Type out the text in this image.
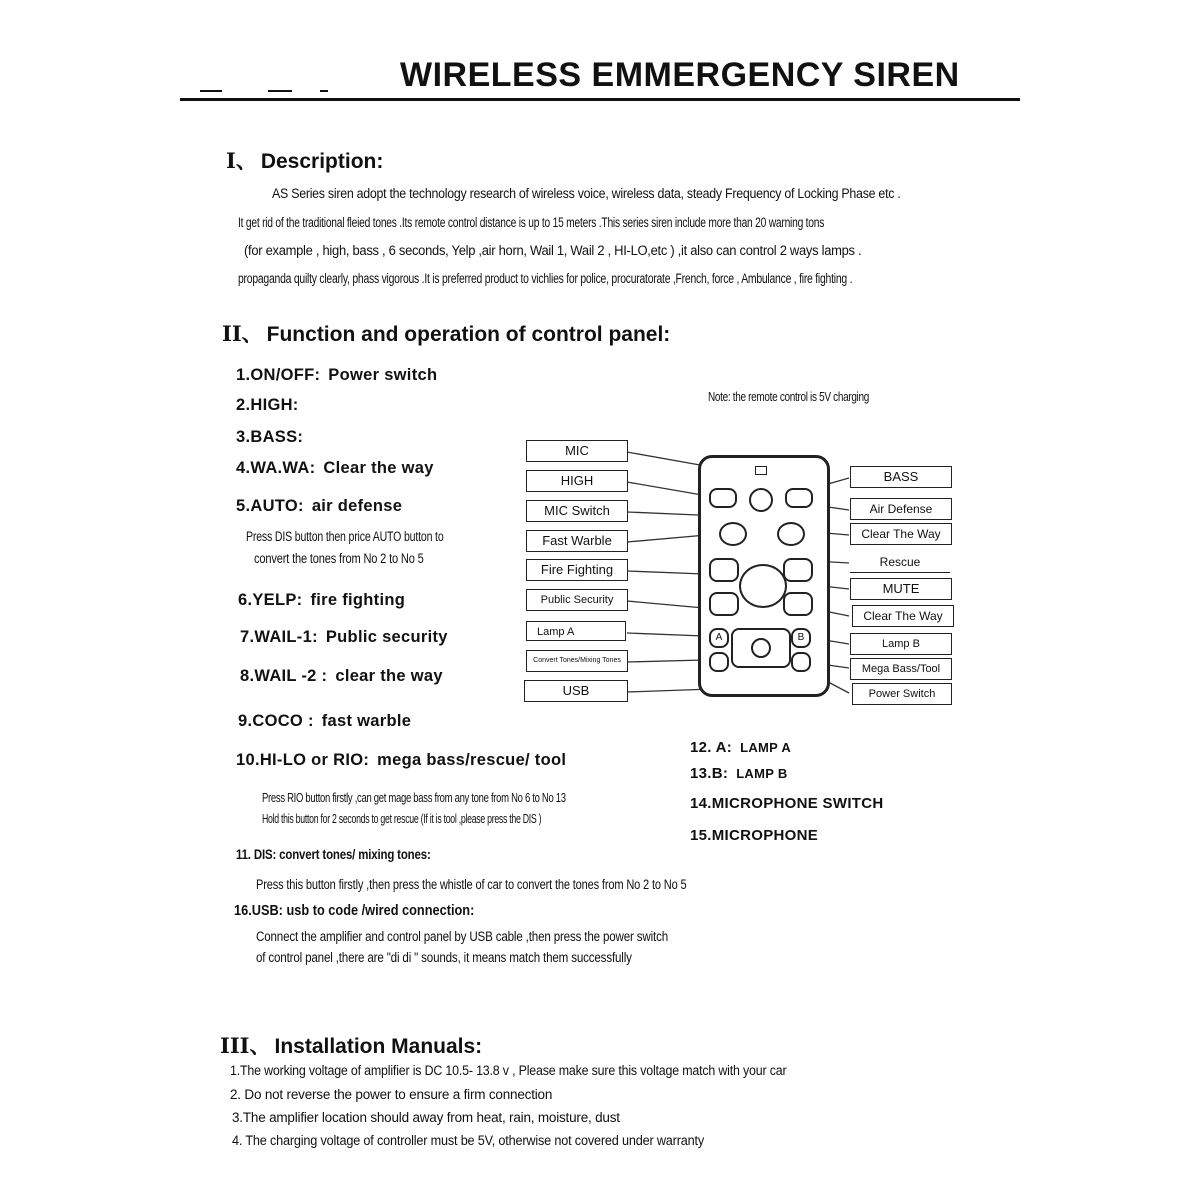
WIRELESS EMMERGENCY SIREN
I、 Description:
AS Series siren adopt the technology research of wireless voice, wireless data, steady Frequency of Locking Phase etc .
It get rid of the traditional fleied tones .Its remote control distance is up to 15 meters .This series siren include more than 20 warning tons
(for example , high, bass , 6 seconds, Yelp ,air horn, Wail 1, Wail 2 , HI-LO,etc ) ,it also can control 2 ways lamps .
propaganda quilty clearly, phass vigorous .It is preferred product to vichlies for police, procuratorate ,French, force , Ambulance , fire fighting .
II、 Function and operation of control panel:
1.ON/OFF: Power switch
2.HIGH:
3.BASS:
4.WA.WA: Clear the way
5.AUTO: air defense
Press DIS button then price AUTO button to
convert the tones from No 2 to No 5
6.YELP: fire fighting
7.WAIL-1: Public security
8.WAIL -2 : clear the way
9.COCO : fast warble
10.HI-LO or RIO: mega bass/rescue/ tool
Press RIO button firstly ,can get mage bass from any tone from No 6 to No 13
Hold this button for 2 seconds to get rescue (If it is tool ,please press the DIS )
12. A: LAMP A
13.B: LAMP B
14.MICROPHONE SWITCH
15.MICROPHONE
11. DIS: convert tones/ mixing tones:
Press this button firstly ,then press the whistle of car to convert the tones from No 2 to No 5
16.USB: usb to code /wired connection:
Connect the amplifier and control panel by USB cable ,then press the power switch
of control panel ,there are "di di " sounds, it means match them successfully
Note: the remote control is 5V charging
MIC
HIGH
MIC Switch
Fast Warble
Fire Fighting
Public Security
Lamp A
Convert Tones/Mixing Tones
USB
BASS
Air Defense
Clear The Way
Rescue
MUTE
Clear The Way
Lamp B
Mega Bass/Tool
Power Switch
A	B
III、 Installation Manuals:
1.The working voltage of amplifier is DC 10.5- 13.8 v , Please make sure this voltage match with your car
2. Do not reverse the power to ensure a firm connection
3.The amplifier location should away from heat, rain, moisture, dust
4. The charging voltage of controller must be 5V, otherwise not covered under warranty
